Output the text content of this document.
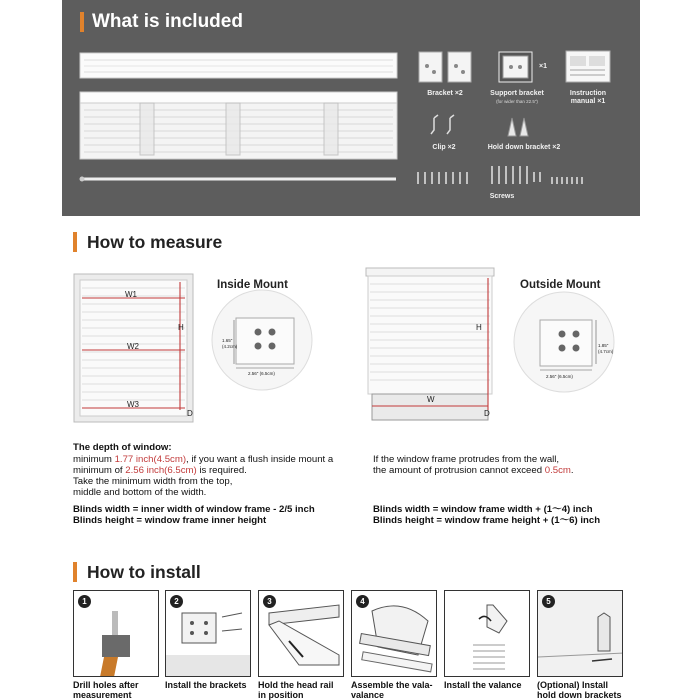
What is included
Bracket ×2	Support bracket
(for wider than 22.5")
×1
Instruction manual ×1
Clip ×2	Hold down bracket ×2
Screws
How to measure
W1
W2
W3
H
D
1.65"
(4.2cm)
2.56" (6.5cm)
Inside Mount
W
H
D
1.85"
(4.7cm)
2.56" (6.5cm)
Outside Mount
The depth of window:
minimum 1.77 inch(4.5cm), if you want a flush inside mount a
minimum of 2.56 inch(6.5cm) is required.
Take the minimum width from the top,
middle and bottom of the width.
Blinds width = inner width of window frame - 2/5 inch
Blinds height = window frame inner height
If the window frame protrudes from the wall,
the amount of protrusion cannot exceed 0.5cm.
Blinds width = window frame width + (1～4) inch
Blinds height = window frame height + (1～6) inch
How to install
1	2	3	4	5
Drill holes after
measurement
Install the brackets Hold the head rail
in position
Assemble the vala-
valance
Install the valance (Optional) Install
hold down brackets
